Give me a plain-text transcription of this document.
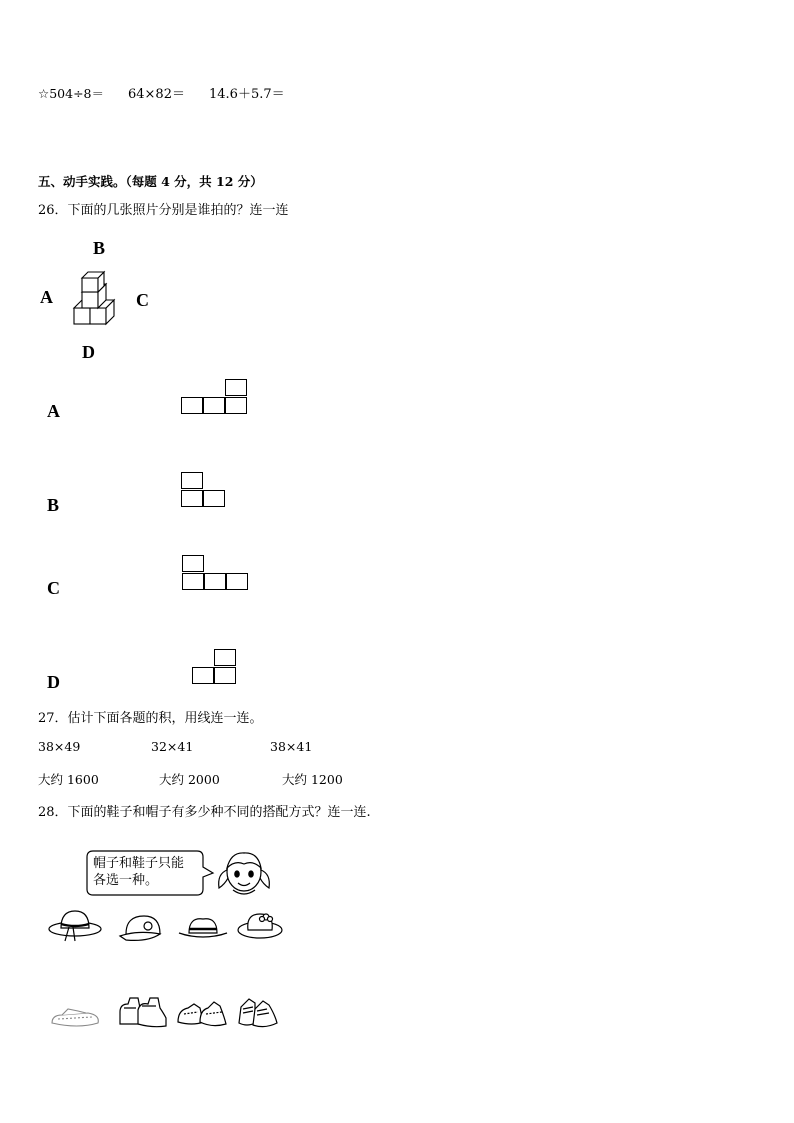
☆504÷8＝ 64×82＝ 14.6＋5.7＝
五、动手实践。（每题 4 分，共 12 分）
26．下面的几张照片分别是谁拍的？连一连
B
A	C
D
A
B
C
D
27．估计下面各题的积，用线连一连。
38×49	32×41	38×41
大约 1600	大约 2000	大约 1200
28．下面的鞋子和帽子有多少种不同的搭配方式？连一连.
帽子和鞋子只能
各选一种。
